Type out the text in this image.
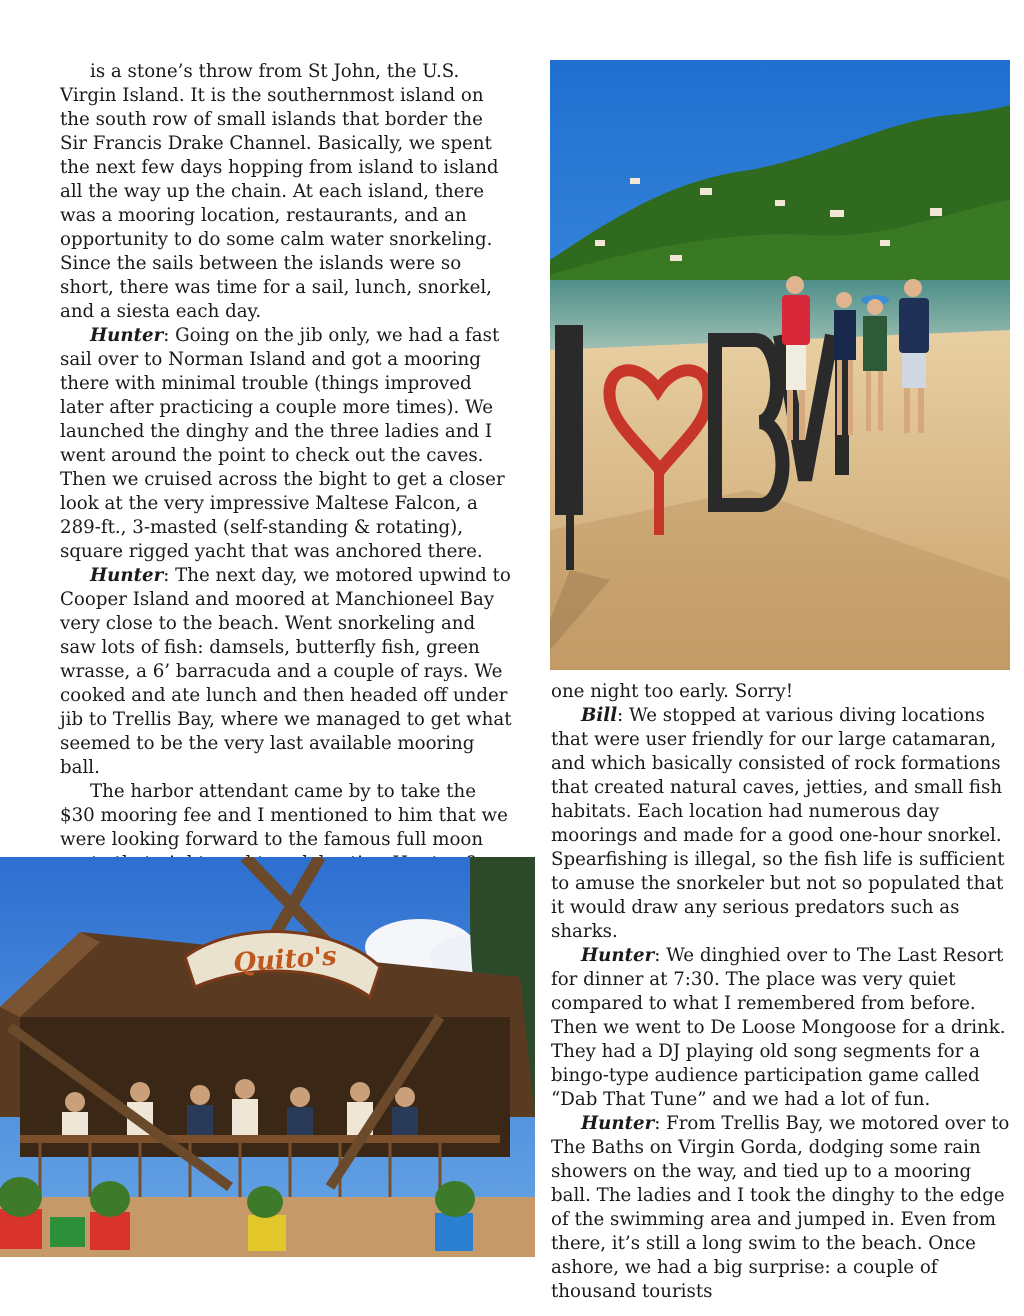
is a stone’s throw from St John, the U.S. Virgin Island. It is the southernmost island on the south row of small islands that border the Sir Francis Drake Channel. Basically, we spent the next few days hopping from island to island all the way up the chain. At each island, there was a mooring location, restaurants, and an opportunity to do some calm water snorkeling. Since the sails between the islands were so short, there was time for a sail, lunch, snorkel, and a siesta each day.

Hunter: Going on the jib only, we had a fast sail over to Norman Island and got a mooring there with minimal trouble (things improved later after practicing a couple more times). We launched the dinghy and the three ladies and I went around the point to check out the caves. Then we cruised across the bight to get a closer look at the very impressive Maltese Falcon, a 289-ft., 3-masted (self-standing & rotating), square rigged yacht that was anchored there.

Hunter: The next day, we motored upwind to Cooper Island and moored at Manchioneel Bay very close to the beach. Went snorkeling and saw lots of fish: damsels, butterfly fish, green wrasse, a 6’ barracuda and a couple of rays. We cooked and ate lunch and then headed off under jib to Trellis Bay, where we managed to get what seemed to be the very last available mooring ball.

The harbor attendant came by to take the $30 mooring fee and I mentioned to him that we were looking forward to the famous full moon

one night too early. Sorry!

Bill: We stopped at various diving locations that were user friendly for our large catamaran, and which basically consisted of rock formations that created natural caves, jetties, and small fish habitats. Each location had numerous day moorings and made for a good one-hour snorkel. Spearfishing is illegal, so the fish life is sufficient to amuse the snorkeler but not so populated that it would draw any serious predators such as sharks.

Hunter: We dinghied over to The Last Resort for dinner at 7:30. The place was very quiet compared to what I remembered from before. Then we went to De Loose Mongoose for a drink. They had a DJ playing old song segments for a bingo-type audience participation game called “Dab That Tune” and we had a lot of fun.

Hunter: From Trellis Bay, we motored over to The Baths on Virgin Gorda, dodging some rain showers on the way, and tied up to a mooring ball. The ladies and I took the dinghy to the edge of the swimming area and jumped in. Even from there, it’s still a long swim to the beach. Once ashore, we had a big surprise: a couple of thousand tourists

Quito's
